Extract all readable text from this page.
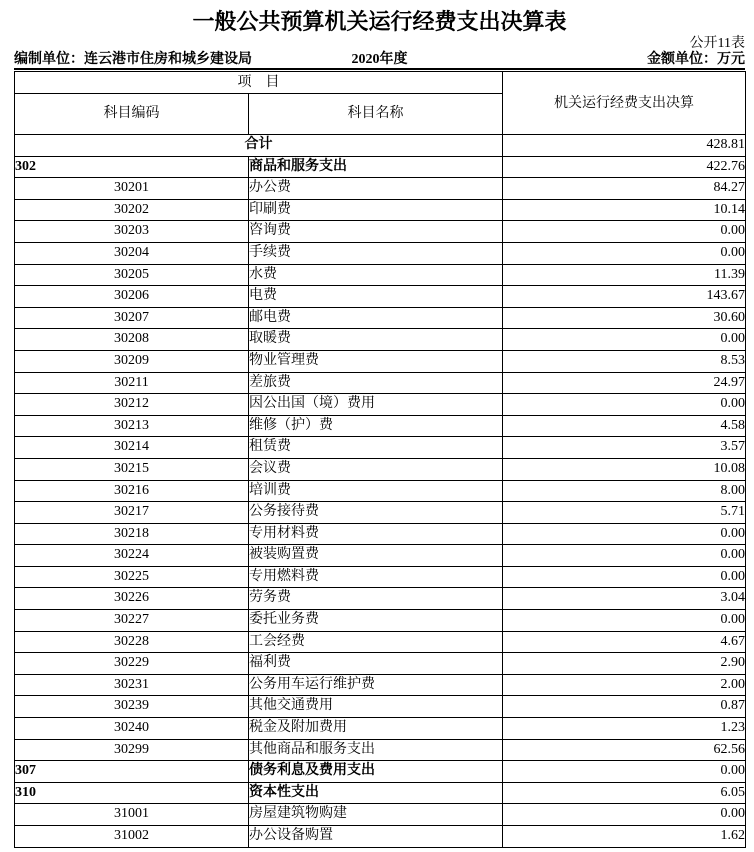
一般公共预算机关运行经费支出决算表
公开11表
编制单位：连云港市住房和城乡建设局	2020年度	金额单位：万元
项　目		机关运行经费支出决算
科目编码	科目名称	
合计		428.81
302	商品和服务支出	422.76
30201	办公费	84.27
30202	印刷费	10.14
30203	咨询费	0.00
30204	手续费	0.00
30205	水费	11.39
30206	电费	143.67
30207	邮电费	30.60
30208	取暖费	0.00
30209	物业管理费	8.53
30211	差旅费	24.97
30212	因公出国（境）费用	0.00
30213	维修（护）费	4.58
30214	租赁费	3.57
30215	会议费	10.08
30216	培训费	8.00
30217	公务接待费	5.71
30218	专用材料费	0.00
30224	被装购置费	0.00
30225	专用燃料费	0.00
30226	劳务费	3.04
30227	委托业务费	0.00
30228	工会经费	4.67
30229	福利费	2.90
30231	公务用车运行维护费	2.00
30239	其他交通费用	0.87
30240	税金及附加费用	1.23
30299	其他商品和服务支出	62.56
307	债务利息及费用支出	0.00
310	资本性支出	6.05
31001	房屋建筑物购建	0.00
31002	办公设备购置	1.62
